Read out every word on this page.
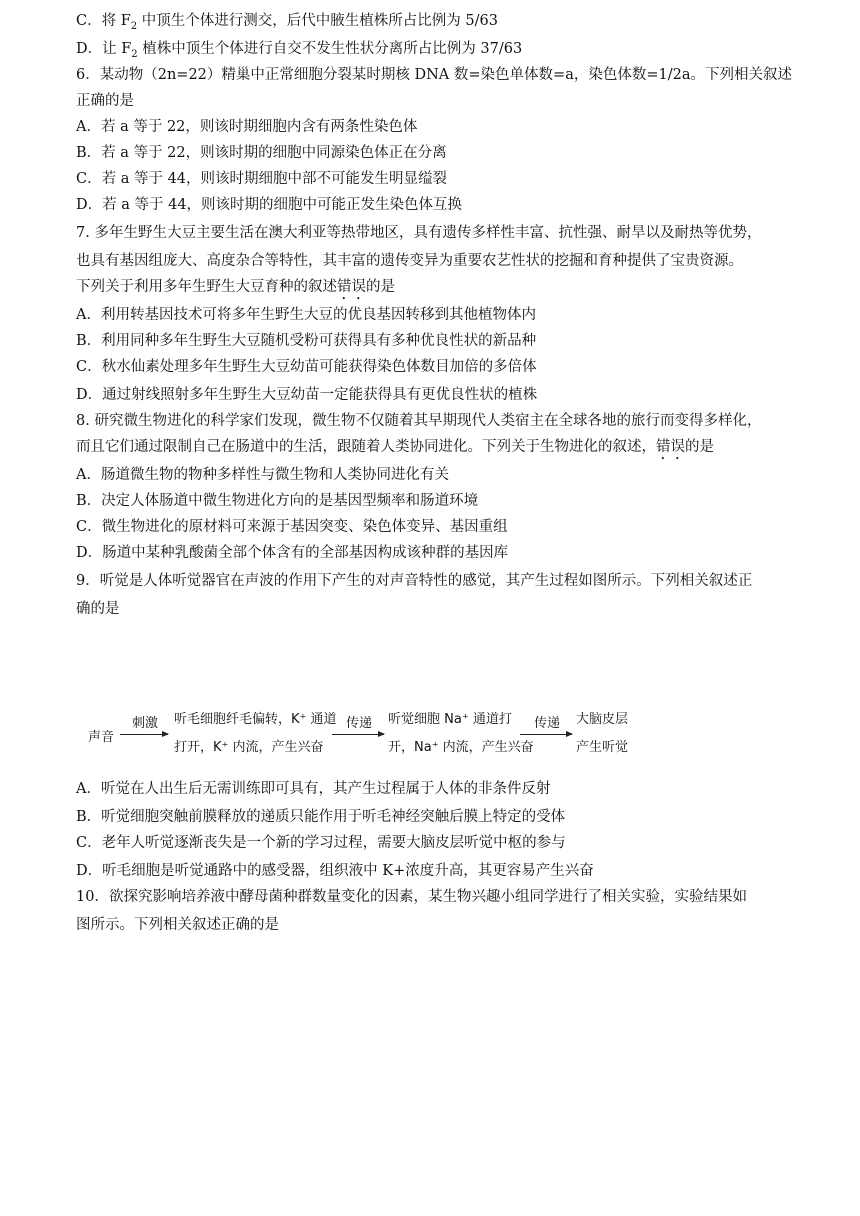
C．将 $F_2$ 中顶生个体进行测交，后代中腋生植株所占比例为 5/63
D．让 $F_2$ 植株中顶生个体进行自交不发生性状分离所占比例为 37/63
6．某动物（2n=22）精巢中正常细胞分裂某时期核 DNA 数=染色单体数=a，染色体数=1/2a。下列相关叙述
正确的是
A．若 a 等于 22，则该时期细胞内含有两条性染色体
B．若 a 等于 22，则该时期的细胞中同源染色体正在分离
C．若 a 等于 44，则该时期细胞中部不可能发生明显缢裂
D．若 a 等于 44，则该时期的细胞中可能正发生染色体互换
7. 多年生野生大豆主要生活在澳大利亚等热带地区，具有遗传多样性丰富、抗性强、耐旱以及耐热等优势，
也具有基因组庞大、高度杂合等特性，其丰富的遗传变异为重要农艺性状的挖掘和育种提供了宝贵资源。
下列关于利用多年生野生大豆育种的叙述错误的是
A．利用转基因技术可将多年生野生大豆的优良基因转移到其他植物体内
B．利用同种多年生野生大豆随机受粉可获得具有多种优良性状的新品种
C．秋水仙素处理多年生野生大豆幼苗可能获得染色体数目加倍的多倍体
D．通过射线照射多年生野生大豆幼苗一定能获得具有更优良性状的植株
8. 研究微生物进化的科学家们发现，微生物不仅随着其早期现代人类宿主在全球各地的旅行而变得多样化，
而且它们通过限制自己在肠道中的生活，跟随着人类协同进化。下列关于生物进化的叙述，错误的是
A．肠道微生物的物种多样性与微生物和人类协同进化有关
B．决定人体肠道中微生物进化方向的是基因型频率和肠道环境
C．微生物进化的原材料可来源于基因突变、染色体变异、基因重组
D．肠道中某种乳酸菌全部个体含有的全部基因构成该种群的基因库
9．听觉是人体听觉器官在声波的作用下产生的对声音特性的感觉，其产生过程如图所示。下列相关叙述正
确的是
声音
刺激 听毛细胞纤毛偏转，K⁺ 通道
打开，K⁺ 内流，产生兴奋
传递 听觉细胞 Na⁺ 通道打
开，Na⁺ 内流，产生兴奋
传递 大脑皮层
产生听觉
A．听觉在人出生后无需训练即可具有，其产生过程属于人体的非条件反射
B．听觉细胞突触前膜释放的递质只能作用于听毛神经突触后膜上特定的受体
C．老年人听觉逐渐丧失是一个新的学习过程，需要大脑皮层听觉中枢的参与
D．听毛细胞是听觉通路中的感受器，组织液中 K+浓度升高，其更容易产生兴奋
10．欲探究影响培养液中酵母菌种群数量变化的因素，某生物兴趣小组同学进行了相关实验，实验结果如
图所示。下列相关叙述正确的是
